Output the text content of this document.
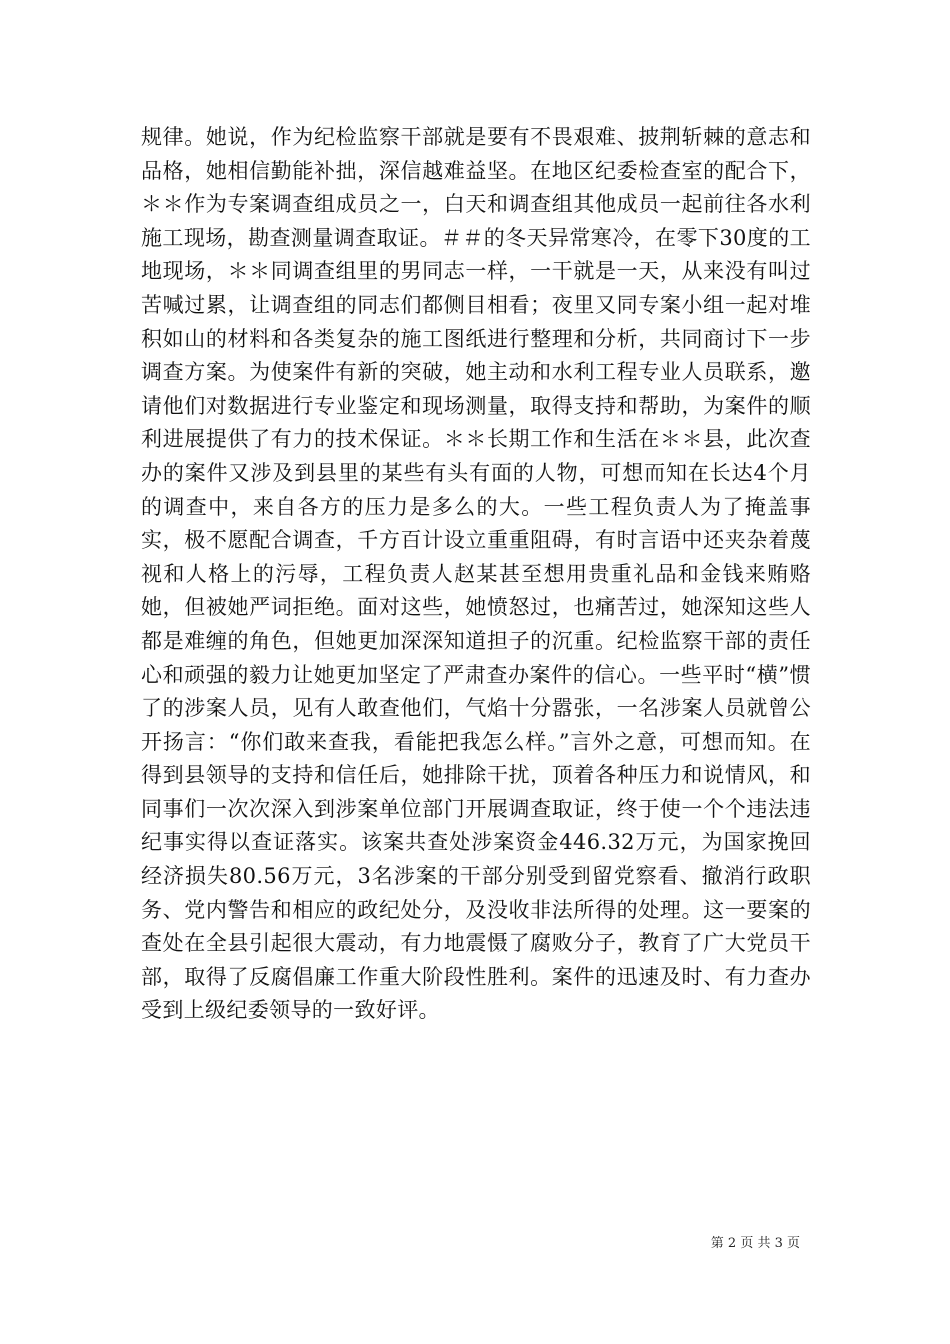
规律。她说，作为纪检监察干部就是要有不畏艰难、披荆斩棘的意志和品格，她相信勤能补拙，深信越难益坚。在地区纪委检查室的配合下，＊＊作为专案调查组成员之一，白天和调查组其他成员一起前往各水利施工现场，勘查测量调查取证。＃＃的冬天异常寒冷，在零下30度的工地现场，＊＊同调查组里的男同志一样，一干就是一天，从来没有叫过苦喊过累，让调查组的同志们都侧目相看；夜里又同专案小组一起对堆积如山的材料和各类复杂的施工图纸进行整理和分析，共同商讨下一步调查方案。为使案件有新的突破，她主动和水利工程专业人员联系，邀请他们对数据进行专业鉴定和现场测量，取得支持和帮助，为案件的顺利进展提供了有力的技术保证。＊＊长期工作和生活在＊＊县，此次查办的案件又涉及到县里的某些有头有面的人物，可想而知在长达4个月的调查中，来自各方的压力是多么的大。一些工程负责人为了掩盖事实，极不愿配合调查，千方百计设立重重阻碍，有时言语中还夹杂着蔑视和人格上的污辱，工程负责人赵某甚至想用贵重礼品和金钱来贿赂她，但被她严词拒绝。面对这些，她愤怒过，也痛苦过，她深知这些人都是难缠的角色，但她更加深深知道担子的沉重。纪检监察干部的责任心和顽强的毅力让她更加坚定了严肃查办案件的信心。一些平时“横”惯了的涉案人员，见有人敢查他们，气焰十分嚣张，一名涉案人员就曾公开扬言：“你们敢来查我，看能把我怎么样。”言外之意，可想而知。在得到县领导的支持和信任后，她排除干扰，顶着各种压力和说情风，和同事们一次次深入到涉案单位部门开展调查取证，终于使一个个违法违纪事实得以查证落实。该案共查处涉案资金446.32万元，为国家挽回经济损失80.56万元，3名涉案的干部分别受到留党察看、撤消行政职务、党内警告和相应的政纪处分，及没收非法所得的处理。这一要案的查处在全县引起很大震动，有力地震慑了腐败分子，教育了广大党员干部，取得了反腐倡廉工作重大阶段性胜利。案件的迅速及时、有力查办受到上级纪委领导的一致好评。

第 2 页 共 3 页
